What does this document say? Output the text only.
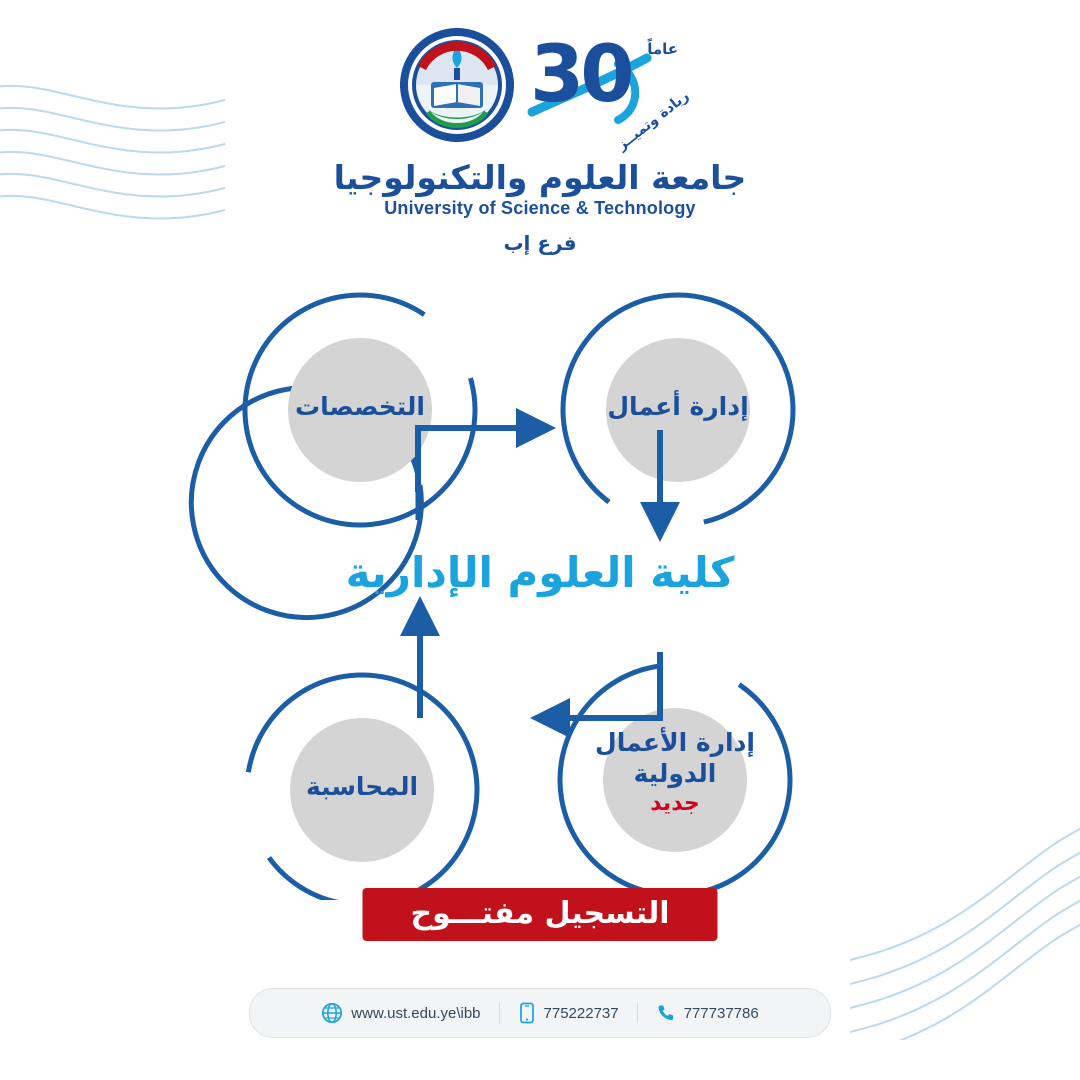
30 عاماً
ريادة وتميــز
جامعة العلوم والتكنولوجيا
University of Science & Technology
فرع إب
التخصصات	إدارة أعمال
إدارة الأعمال الدولية
جديد
المحاسبة
كلية العلوم الإدارية
التسجيل مفتـــوح
www.ust.edu.ye\ibb	775222737	777737786
